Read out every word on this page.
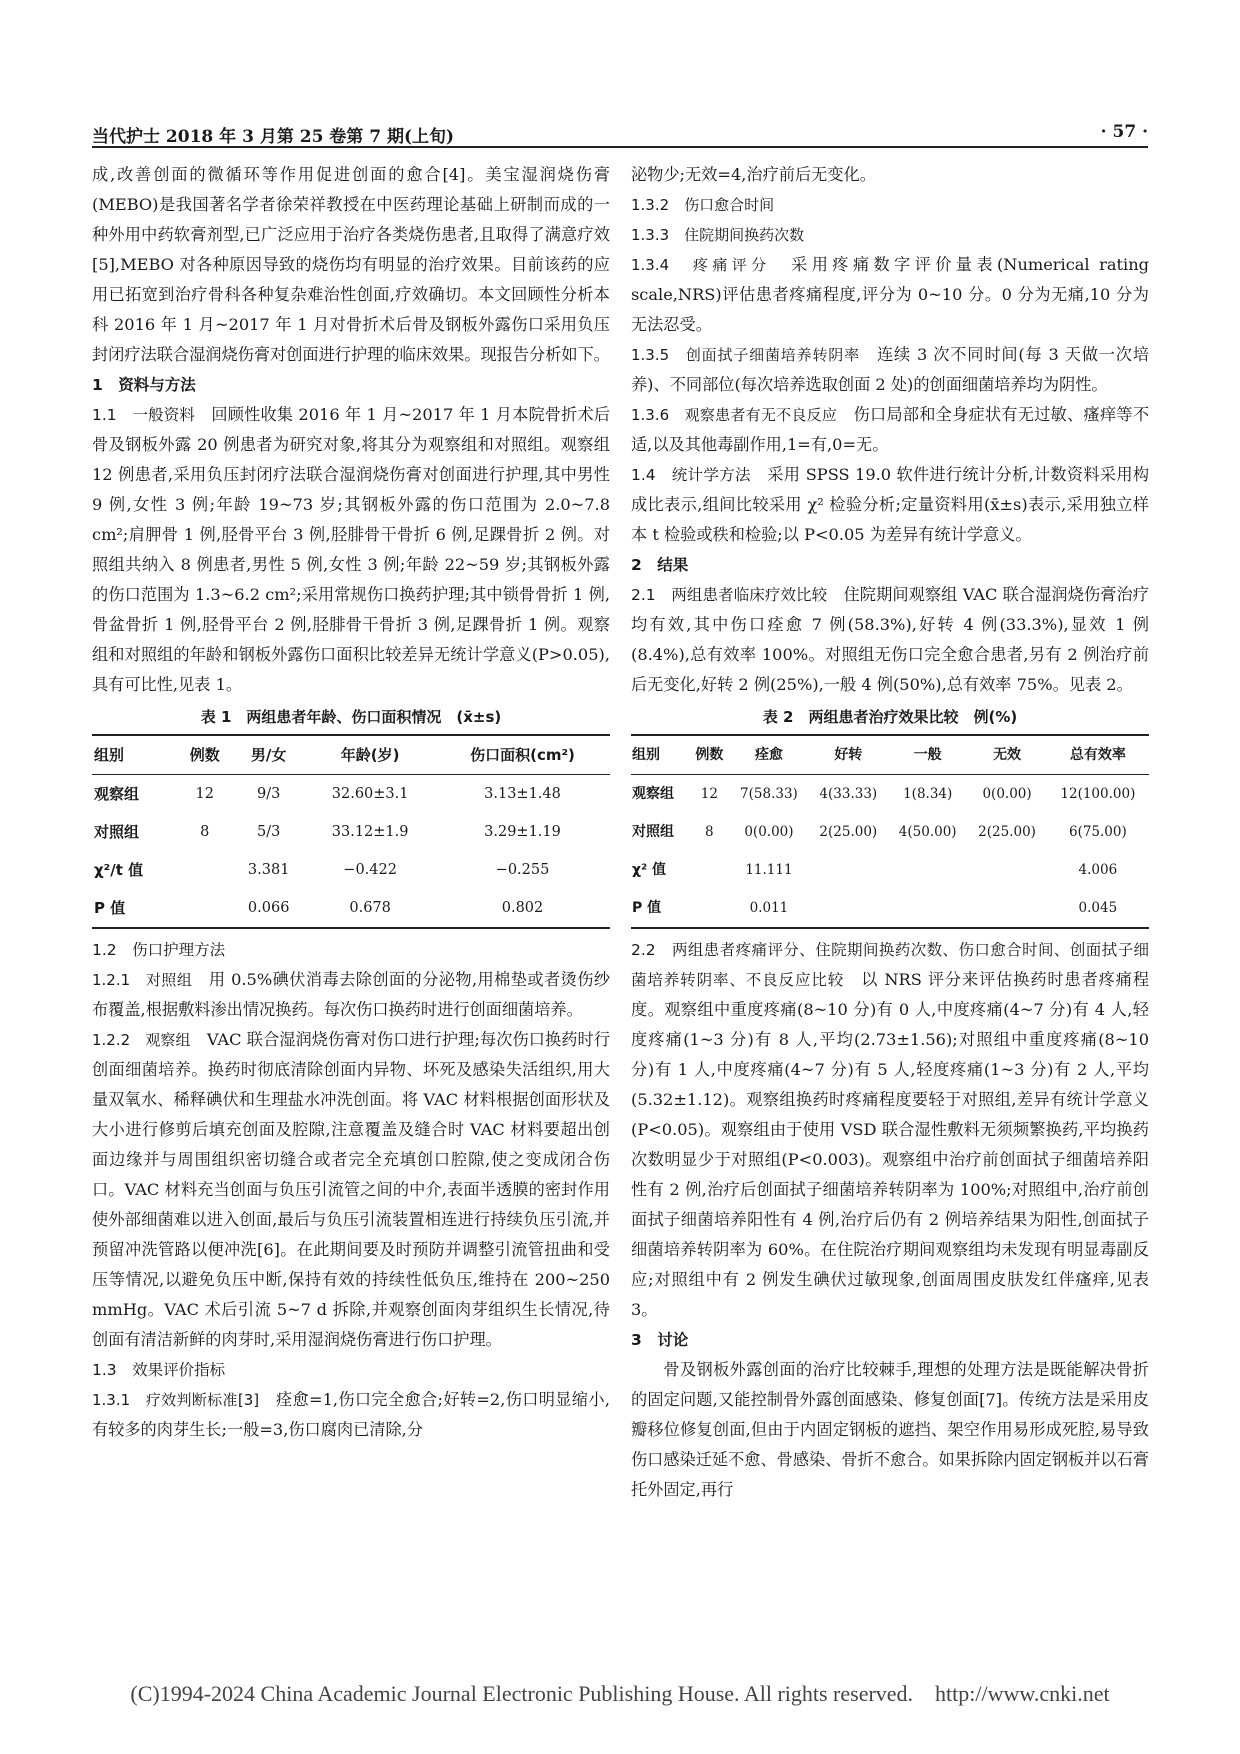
当代护士 2018 年 3 月第 25 卷第 7 期(上旬)	· 57 ·

成,改善创面的微循环等作用促进创面的愈合[4]。美宝湿润烧伤膏(MEBO)是我国著名学者徐荣祥教授在中医药理论基础上研制而成的一种外用中药软膏剂型,已广泛应用于治疗各类烧伤患者,且取得了满意疗效[5],MEBO 对各种原因导致的烧伤均有明显的治疗效果。目前该药的应用已拓宽到治疗骨科各种复杂难治性创面,疗效确切。本文回顾性分析本科 2016 年 1 月~2017 年 1 月对骨折术后骨及钢板外露伤口采用负压封闭疗法联合湿润烧伤膏对创面进行护理的临床效果。现报告分析如下。

1　资料与方法

1.1　一般资料　 回顾性收集 2016 年 1 月~2017 年 1 月本院骨折术后骨及钢板外露 20 例患者为研究对象,将其分为观察组和对照组。观察组 12 例患者,采用负压封闭疗法联合湿润烧伤膏对创面进行护理,其中男性 9 例,女性 3 例;年龄 19~73 岁;其钢板外露的伤口范围为 2.0~7.8 cm²;肩胛骨 1 例,胫骨平台 3 例,胫腓骨干骨折 6 例,足踝骨折 2 例。对照组共纳入 8 例患者,男性 5 例,女性 3 例;年龄 22~59 岁;其钢板外露的伤口范围为 1.3~6.2 cm²;采用常规伤口换药护理;其中锁骨骨折 1 例,骨盆骨折 1 例,胫骨平台 2 例,胫腓骨干骨折 3 例,足踝骨折 1 例。观察组和对照组的年龄和钢板外露伤口面积比较差异无统计学意义(P>0.05),具有可比性,见表 1。

表 1　两组患者年龄、伤口面积情况　(x̄±s)
组别	例数	男/女	年龄(岁)	伤口面积(cm²)
观察组	12	9/3	32.60±3.1	3.13±1.48
对照组	8	5/3	33.12±1.9	3.29±1.19
χ²/t 值		3.381	−0.422	−0.255
P 值		0.066	0.678	0.802

1.2　伤口护理方法

1.2.1　对照组　 用 0.5%碘伏消毒去除创面的分泌物,用棉垫或者烫伤纱布覆盖,根据敷料渗出情况换药。每次伤口换药时进行创面细菌培养。

1.2.2　观察组　 VAC 联合湿润烧伤膏对伤口进行护理;每次伤口换药时行创面细菌培养。换药时彻底清除创面内异物、坏死及感染失活组织,用大量双氧水、稀释碘伏和生理盐水冲洗创面。将 VAC 材料根据创面形状及大小进行修剪后填充创面及腔隙,注意覆盖及缝合时 VAC 材料要超出创面边缘并与周围组织密切缝合或者完全充填创口腔隙,使之变成闭合伤口。VAC 材料充当创面与负压引流管之间的中介,表面半透膜的密封作用使外部细菌难以进入创面,最后与负压引流装置相连进行持续负压引流,并预留冲洗管路以便冲洗[6]。在此期间要及时预防并调整引流管扭曲和受压等情况,以避免负压中断,保持有效的持续性低负压,维持在 200~250 mmHg。VAC 术后引流 5~7 d 拆除,并观察创面肉芽组织生长情况,待创面有清洁新鲜的肉芽时,采用湿润烧伤膏进行伤口护理。

1.3　效果评价指标

1.3.1　疗效判断标准[3]　 痊愈=1,伤口完全愈合;好转=2,伤口明显缩小,有较多的肉芽生长;一般=3,伤口腐肉已清除,分

泌物少;无效=4,治疗前后无变化。

1.3.2　伤口愈合时间

1.3.3　住院期间换药次数

1.3.4　疼痛评分　 采用疼痛数字评价量表(Numerical rating scale,NRS)评估患者疼痛程度,评分为 0~10 分。0 分为无痛,10 分为无法忍受。

1.3.5　创面拭子细菌培养转阴率　 连续 3 次不同时间(每 3 天做一次培养)、不同部位(每次培养选取创面 2 处)的创面细菌培养均为阴性。

1.3.6　观察患者有无不良反应　 伤口局部和全身症状有无过敏、瘙痒等不适,以及其他毒副作用,1=有,0=无。

1.4　统计学方法　 采用 SPSS 19.0 软件进行统计分析,计数资料采用构成比表示,组间比较采用 χ² 检验分析;定量资料用(x̄±s)表示,采用独立样本 t 检验或秩和检验;以 P<0.05 为差异有统计学意义。

2　结果

2.1　两组患者临床疗效比较　 住院期间观察组 VAC 联合湿润烧伤膏治疗均有效,其中伤口痊愈 7 例(58.3%),好转 4 例(33.3%),显效 1 例(8.4%),总有效率 100%。对照组无伤口完全愈合患者,另有 2 例治疗前后无变化,好转 2 例(25%),一般 4 例(50%),总有效率 75%。见表 2。

表 2　两组患者治疗效果比较　例(%)
组别	例数	痊愈	好转	一般	无效	总有效率
观察组	12	7(58.33)	4(33.33)	1(8.34)	0(0.00)	12(100.00)
对照组	8	0(0.00)	2(25.00)	4(50.00)	2(25.00)	6(75.00)
χ² 值		11.111				4.006
P 值		0.011				0.045

2.2　两组患者疼痛评分、住院期间换药次数、伤口愈合时间、创面拭子细菌培养转阴率、不良反应比较　 以 NRS 评分来评估换药时患者疼痛程度。观察组中重度疼痛(8~10 分)有 0 人,中度疼痛(4~7 分)有 4 人,轻度疼痛(1~3 分)有 8 人,平均(2.73±1.56);对照组中重度疼痛(8~10 分)有 1 人,中度疼痛(4~7 分)有 5 人,轻度疼痛(1~3 分)有 2 人,平均(5.32±1.12)。观察组换药时疼痛程度要轻于对照组,差异有统计学意义(P<0.05)。观察组由于使用 VSD 联合湿性敷料无须频繁换药,平均换药次数明显少于对照组(P<0.003)。观察组中治疗前创面拭子细菌培养阳性有 2 例,治疗后创面拭子细菌培养转阴率为 100%;对照组中,治疗前创面拭子细菌培养阳性有 4 例,治疗后仍有 2 例培养结果为阳性,创面拭子细菌培养转阴率为 60%。在住院治疗期间观察组均未发现有明显毒副反应;对照组中有 2 例发生碘伏过敏现象,创面周围皮肤发红伴瘙痒,见表 3。

3　讨论

骨及钢板外露创面的治疗比较棘手,理想的处理方法是既能解决骨折的固定问题,又能控制骨外露创面感染、修复创面[7]。传统方法是采用皮瓣移位修复创面,但由于内固定钢板的遮挡、架空作用易形成死腔,易导致伤口感染迁延不愈、骨感染、骨折不愈合。如果拆除内固定钢板并以石膏托外固定,再行

(C)1994-2024 China Academic Journal Electronic Publishing House. All rights reserved.　http://www.cnki.net
